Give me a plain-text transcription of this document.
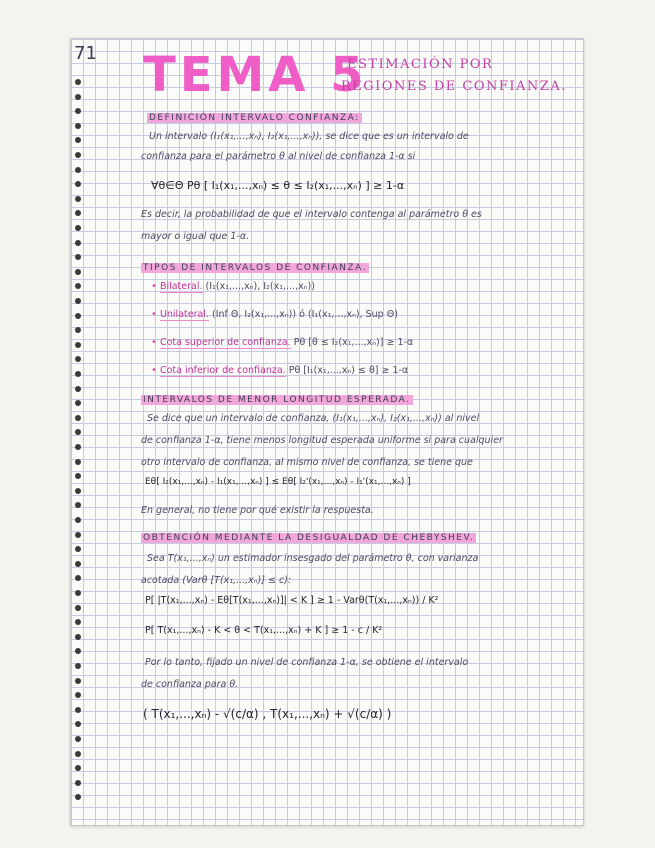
71 TEMA 5
ESTIMACIÓN POR
REGIONES DE CONFIANZA.
DEFINICIÓN INTERVALO CONFIANZA:
Un intervalo (I₁(x₁,...,xₙ), I₂(x₁,...,xₙ)), se dice que es un intervalo de
confianza para el parámetro θ al nivel de confianza 1-α si
∀θ∈Θ Pθ [ I₁(x₁,...,xₙ) ≤ θ ≤ I₂(x₁,...,xₙ) ] ≥ 1-α
Es decir, la probabilidad de que el intervalo contenga al parámetro θ es
mayor o igual que 1-α.
TIPOS DE INTERVALOS DE CONFIANZA.
• Bilateral. (I₁(x₁,...,xₙ), I₂(x₁,...,xₙ))
• Unilateral. (Inf Θ, I₂(x₁,...,xₙ)) ó (I₁(x₁,...,xₙ), Sup Θ)
• Cota superior de confianza. Pθ [θ ≤ I₂(x₁,...,xₙ)] ≥ 1-α
• Cota inferior de confianza. Pθ [I₁(x₁,...,xₙ) ≤ θ] ≥ 1-α
INTERVALOS DE MENOR LONGITUD ESPERADA.
Se dice que un intervalo de confianza, (I₁(x₁,...,xₙ), I₂(x₁,...,xₙ)) al nivel
de confianza 1-α, tiene menos longitud esperada uniforme si para cualquier
otro intervalo de confianza, al mismo nivel de confianza, se tiene que
Eθ[ I₂(x₁,...,xₙ) - I₁(x₁,...,xₙ) ] ≤ Eθ[ I₂'(x₁,...,xₙ) - I₁'(x₁,...,xₙ) ]
En general, no tiene por qué existir la respuesta.
OBTENCIÓN MEDIANTE LA DESIGUALDAD DE CHEBYSHEV.
Sea T(x₁,...,xₙ) un estimador insesgado del parámetro θ, con varianza
acotada (Varθ [T(x₁,...,xₙ)] ≤ c):
P[ |T(x₁,...,xₙ) - Eθ[T(x₁,...,xₙ)]| < K ] ≥ 1 - Varθ(T(x₁,...,xₙ)) / K²
P[ T(x₁,...,xₙ) - K < θ < T(x₁,...,xₙ) + K ] ≥ 1 - c / K²
Por lo tanto, fijado un nivel de confianza 1-α, se obtiene el intervalo
de confianza para θ.
( T(x₁,...,xₙ) - √(c/α) , T(x₁,...,xₙ) + √(c/α) )
